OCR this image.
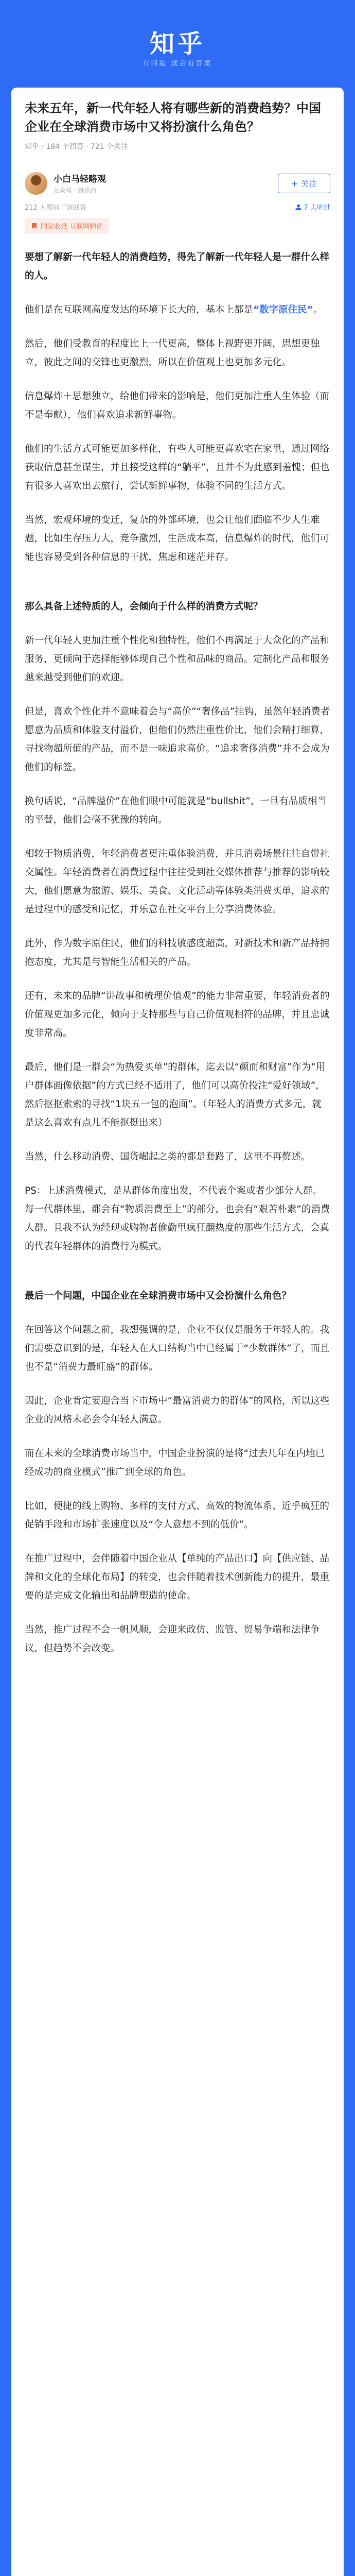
知乎
有问题 就会有答案
未来五年，新一代年轻人将有哪些新的消费趋势？中国企业在全球消费市场中又将扮演什么角色？
知乎 · 184 个回答 · 721 个关注
小白马轻略观
公众号 · 腾讯内
+ 关注
212 人赞同了该回答	7 人听过
国家收录 互联网精选

要想了解新一代年轻人的消费趋势，得先了解新一代年轻人是一群什么样的人。

他们是在互联网高度发达的环境下长大的，基本上都是“数字原住民”。

然后，他们受教育的程度比上一代更高，整体上视野更开阔，思想更独立，彼此之间的交锋也更激烈，所以在价值观上也更加多元化。

信息爆炸＋思想独立，给他们带来的影响是，他们更加注重人生体验（而不是奉献），他们喜欢追求新鲜事物。

他们的生活方式可能更加多样化，有些人可能更喜欢宅在家里，通过网络获取信息甚至谋生，并且接受这样的“躺平”，且并不为此感到羞愧；但也有很多人喜欢出去旅行，尝试新鲜事物，体验不同的生活方式。

当然，宏观环境的变迁，复杂的外部环境，也会让他们面临不少人生难题，比如生存压力大，竞争激烈，生活成本高，信息爆炸的时代，他们可能也容易受到各种信息的干扰，焦虑和迷茫并存。

那么具备上述特质的人，会倾向于什么样的消费方式呢？

新一代年轻人更加注重个性化和独特性，他们不再满足于大众化的产品和服务，更倾向于选择能够体现自己个性和品味的商品。定制化产品和服务越来越受到他们的欢迎。

但是，喜欢个性化并不意味着会与“高价”“奢侈品”挂钩，虽然年轻消费者愿意为品质和体验支付溢价，但他们仍然注重性价比，他们会精打细算，寻找物超所值的产品，而不是一味追求高价。“追求奢侈消费”并不会成为他们的标签。

换句话说，“品牌溢价”在他们眼中可能就是“bullshit”，一旦有品质相当的平替，他们会毫不犹豫的转向。

相较于物质消费，年轻消费者更注重体验消费，并且消费场景往往自带社交属性。年轻消费者在消费过程中往往受到社交媒体推荐与推荐的影响较大，他们愿意为旅游、娱乐、美食、文化活动等体验类消费买单，追求的是过程中的感受和记忆，并乐意在社交平台上分享消费体验。

此外，作为数字原住民，他们的科技敏感度超高，对新技术和新产品持拥抱态度，尤其是与智能生活相关的产品。

还有，未来的品牌“讲故事和梳理价值观”的能力非常重要，年轻消费者的价值观更加多元化，倾向于支持那些与自己价值观相符的品牌，并且忠诚度非常高。

最后，他们是一群会“为热爱买单”的群体，迄去以“颜而和财富”作为“用户群体画像依据”的方式已经不适用了，他们可以高价投注“爱好领域”，然后抠抠索索的寻找“1块五一包的泡面”。（年轻人的消费方式多元，就是这么喜欢有点儿不能抠挺出来）

当然，什么移动消费、国货崛起之类的都是套路了，这里不再赘述。

PS：上述消费模式，是从群体角度出发，不代表个案或者少部分人群。每一代群体里，都会有“物质消费至上”的部分，也会有“艰苦朴素”的消费人群。且我不认为经现或购物者偷勤里疯狂翻热度的那些生活方式，会真的代表年轻群体的消费行为模式。

最后一个问题，中国企业在全球消费市场中又会扮演什么角色？

在回答这个问题之前，我想强调的是，企业不仅仅是服务于年轻人的。我们需要意识到的是，年轻人在人口结构当中已经属于“少数群体”了，而且也不是“消费力最旺盛”的群体。

因此，企业肯定要迎合当下市场中“最富消费力的群体”的风格，所以这些企业的风格未必会令年轻人满意。

而在未来的全球消费市场当中，中国企业扮演的是将“过去几年在内地已经成功的商业模式”推广到全球的角色。

比如，便捷的线上购物、多样的支付方式、高效的物流体系、近乎疯狂的促销手段和市场扩张速度以及“令人意想不到的低价”。

在推广过程中，会伴随着中国企业从【单纯的产品出口】向【供应链、品牌和文化的全球化布局】的转变，也会伴随着技术创新能力的提升，最重要的是完成文化输出和品牌塑造的使命。

当然，推广过程不会一帆风顺，会迎来政仿、监管、贸易争端和法律争议，但趋势不会改变。
